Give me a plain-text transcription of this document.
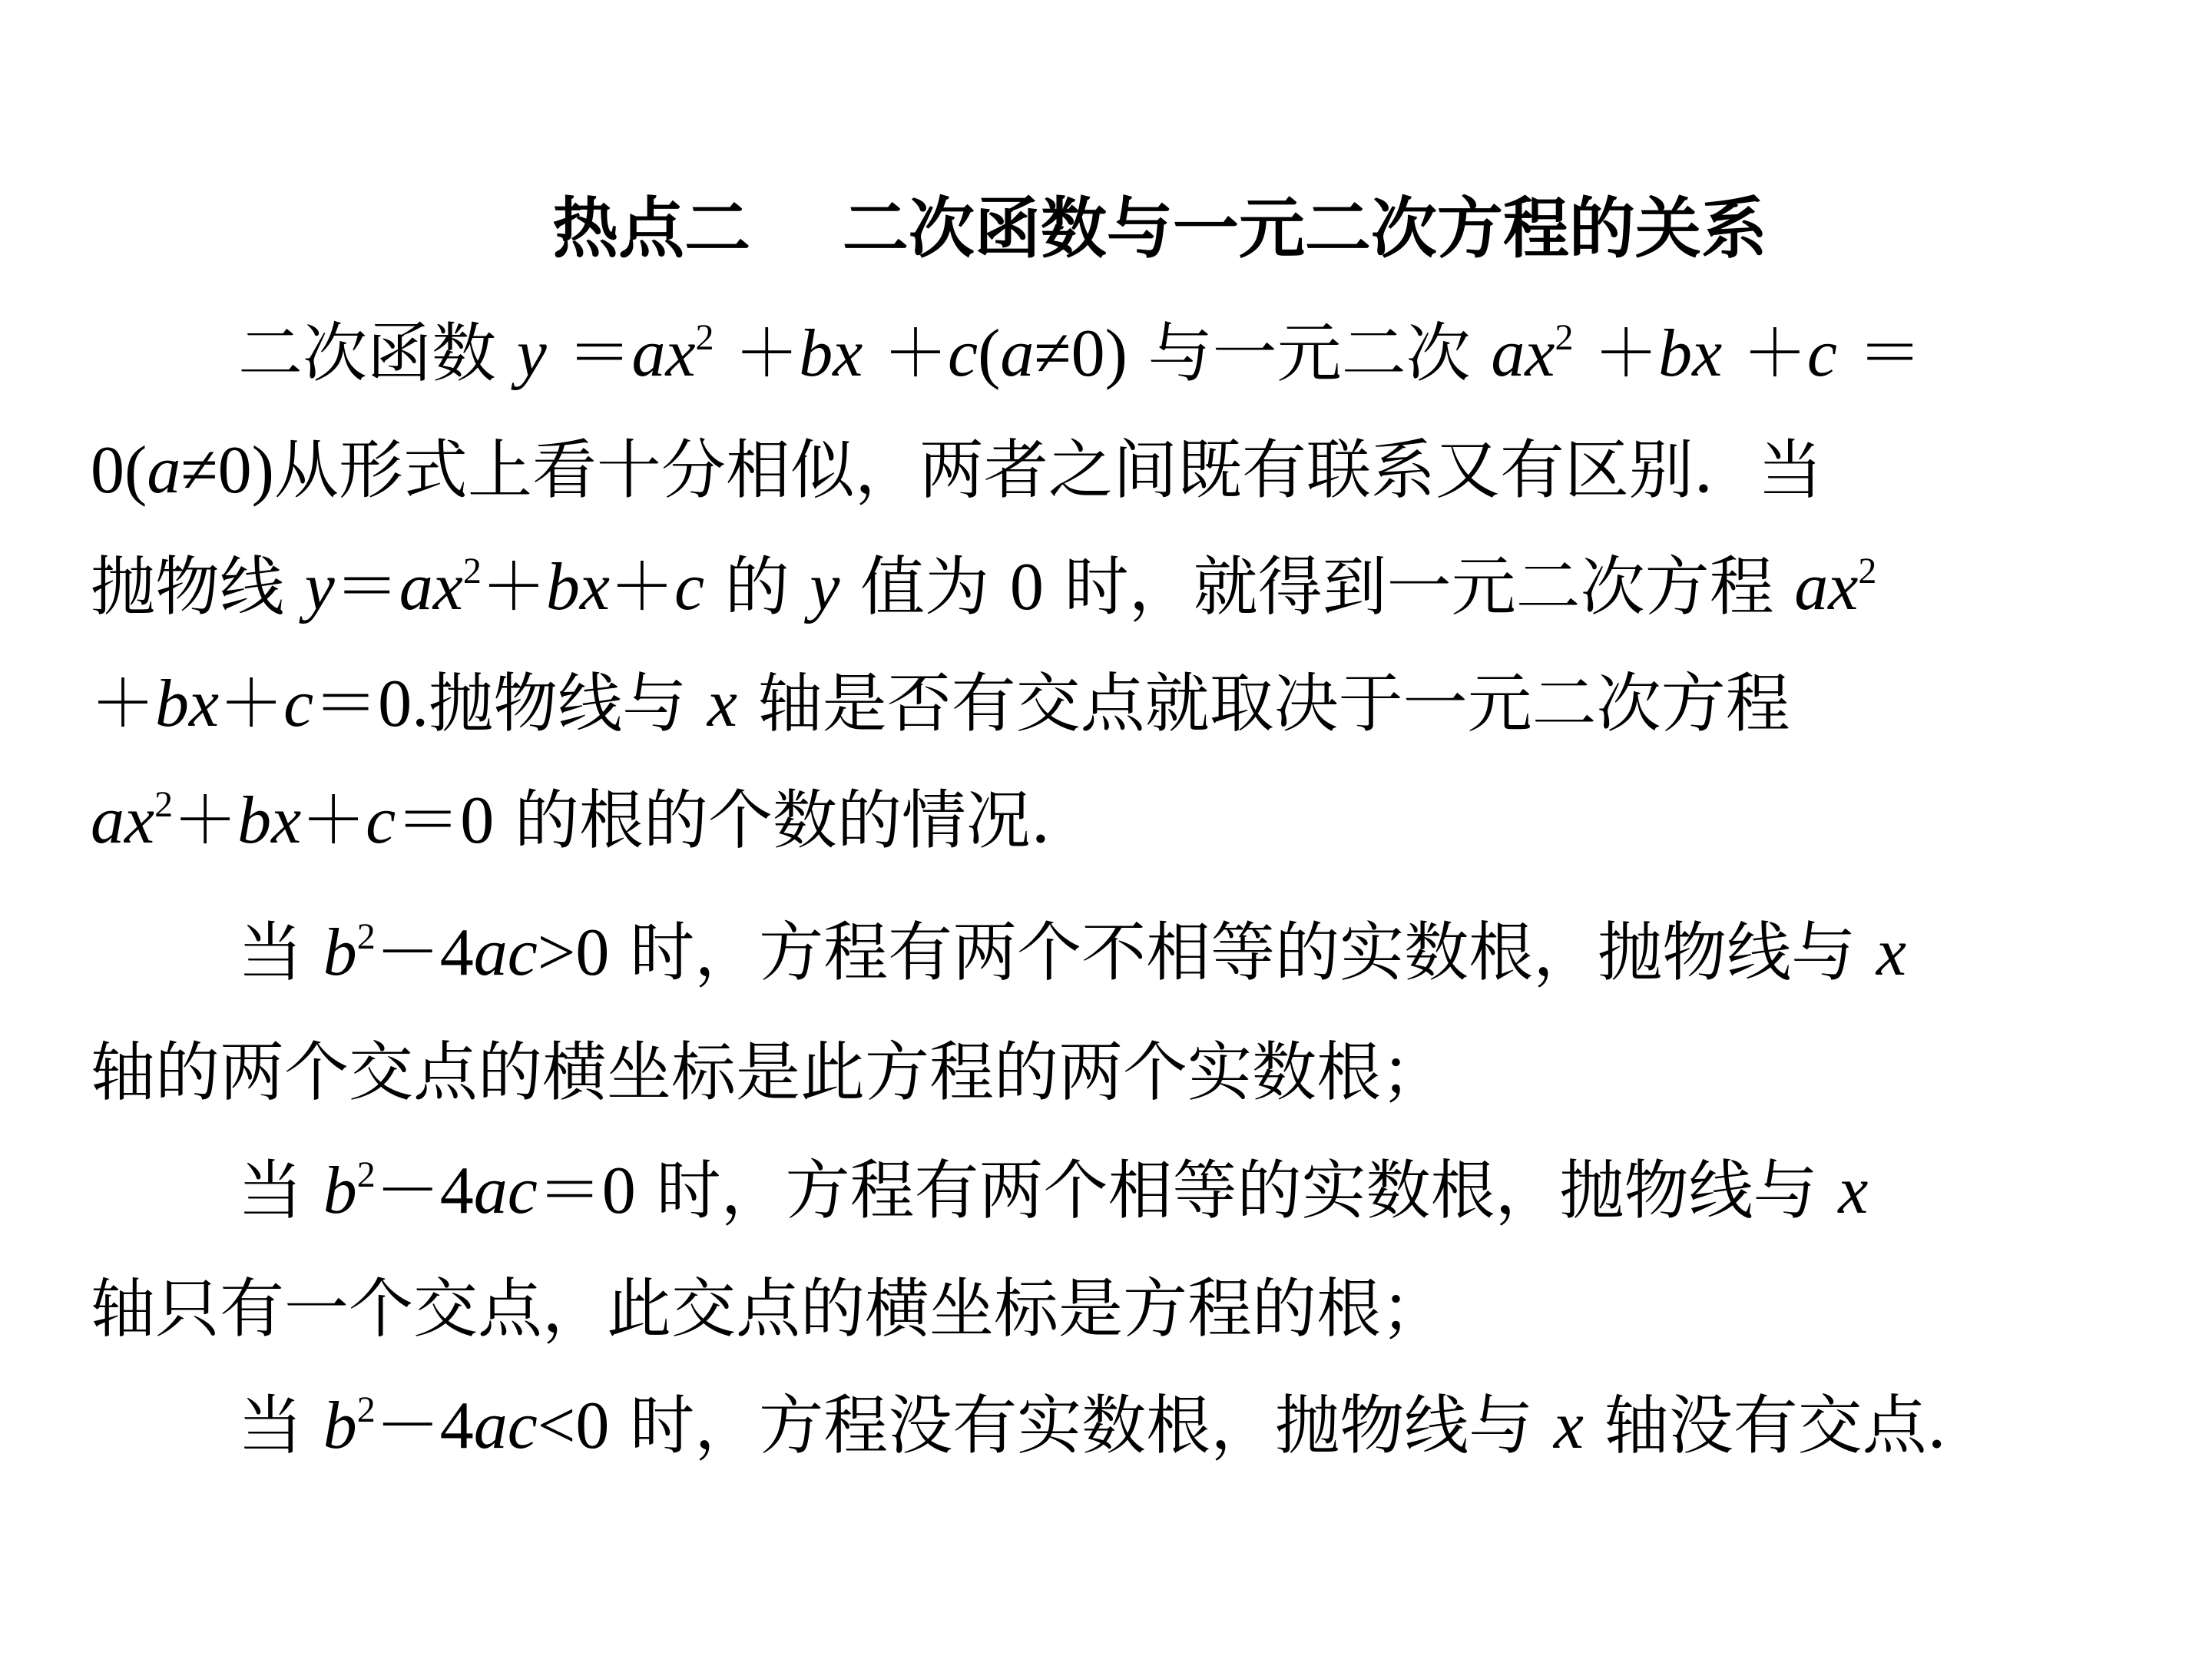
热点二    二次函数与一元二次方程的关系
二次函数 $y =ax^2 +bx +c(a\ne 0)$ 与一元二次 $ax^2 +bx +c$ ＝
0(a≠0)从形式上看十分相似，两者之间既有联系又有区别．当
抛物线 $y=ax^2+bx+c$ 的 y 值为 0 时，就得到一元二次方程 $ax^2$
＋bx＋c＝0.抛物线与 x 轴是否有交点就取决于一元二次方程
$ax^2+bx+c=0$ 的根的个数的情况．
当 $b^2-4ac>0$ 时，方程有两个不相等的实数根，抛物线与 x
轴的两个交点的横坐标是此方程的两个实数根；
当 $b^2-4ac=0$ 时，方程有两个相等的实数根，抛物线与 x
轴只有一个交点，此交点的横坐标是方程的根；
当 $b^2-4ac<0$ 时，方程没有实数根，抛物线与 x 轴没有交点．
